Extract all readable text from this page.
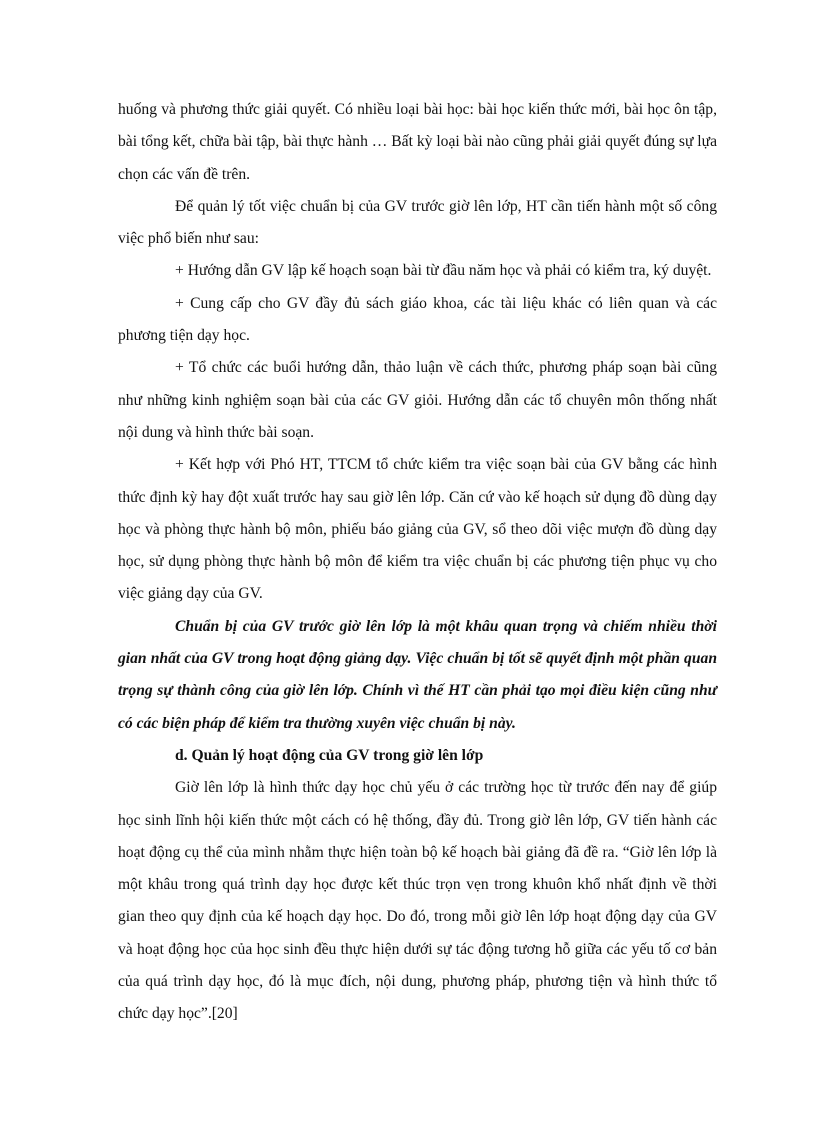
huống và phương thức giải quyết. Có nhiều loại bài học: bài học kiến thức mới, bài học ôn tập, bài tổng kết, chữa bài tập, bài thực hành … Bất kỳ loại bài nào cũng phải giải quyết đúng sự lựa chọn các vấn đề trên.

Để quản lý tốt việc chuẩn bị của GV trước giờ lên lớp, HT cần tiến hành một số công việc phổ biến như sau:

+ Hướng dẫn GV lập kế hoạch soạn bài từ đầu năm học và phải có kiểm tra, ký duyệt.

+ Cung cấp cho GV đầy đủ sách giáo khoa, các tài liệu khác có liên quan và các phương tiện dạy học.

+ Tổ chức các buổi hướng dẫn, thảo luận về cách thức, phương pháp soạn bài cũng như những kinh nghiệm soạn bài của các GV giỏi. Hướng dẫn các tổ chuyên môn thống nhất nội dung và hình thức bài soạn.

+ Kết hợp với Phó HT, TTCM tổ chức kiểm tra việc soạn bài của GV bằng các hình thức định kỳ hay đột xuất trước hay sau giờ lên lớp. Căn cứ vào kế hoạch sử dụng đồ dùng dạy học và phòng thực hành bộ môn, phiếu báo giảng của GV, sổ theo dõi việc mượn đồ dùng dạy học, sử dụng phòng thực hành bộ môn để kiểm tra việc chuẩn bị các phương tiện phục vụ cho việc giảng dạy của GV.

Chuẩn bị của GV trước giờ lên lớp là một khâu quan trọng và chiếm nhiều thời gian nhất của GV trong hoạt động giảng dạy. Việc chuẩn bị tốt sẽ quyết định một phần quan trọng sự thành công của giờ lên lớp. Chính vì thế HT cần phải tạo mọi điều kiện cũng như có các biện pháp để kiểm tra thường xuyên việc chuẩn bị này.

d. Quản lý hoạt động của GV trong giờ lên lớp

Giờ lên lớp là hình thức dạy học chủ yếu ở các trường học từ trước đến nay để giúp học sinh lĩnh hội kiến thức một cách có hệ thống, đầy đủ. Trong giờ lên lớp, GV tiến hành các hoạt động cụ thể của mình nhằm thực hiện toàn bộ kế hoạch bài giảng đã đề ra. “Giờ lên lớp là một khâu trong quá trình dạy học được kết thúc trọn vẹn trong khuôn khổ nhất định về thời gian theo quy định của kế hoạch dạy học. Do đó, trong mỗi giờ lên lớp hoạt động dạy của GV và hoạt động học của học sinh đều thực hiện dưới sự tác động tương hỗ giữa các yếu tố cơ bản của quá trình dạy học, đó là mục đích, nội dung, phương pháp, phương tiện và hình thức tổ chức dạy học”.[20]
